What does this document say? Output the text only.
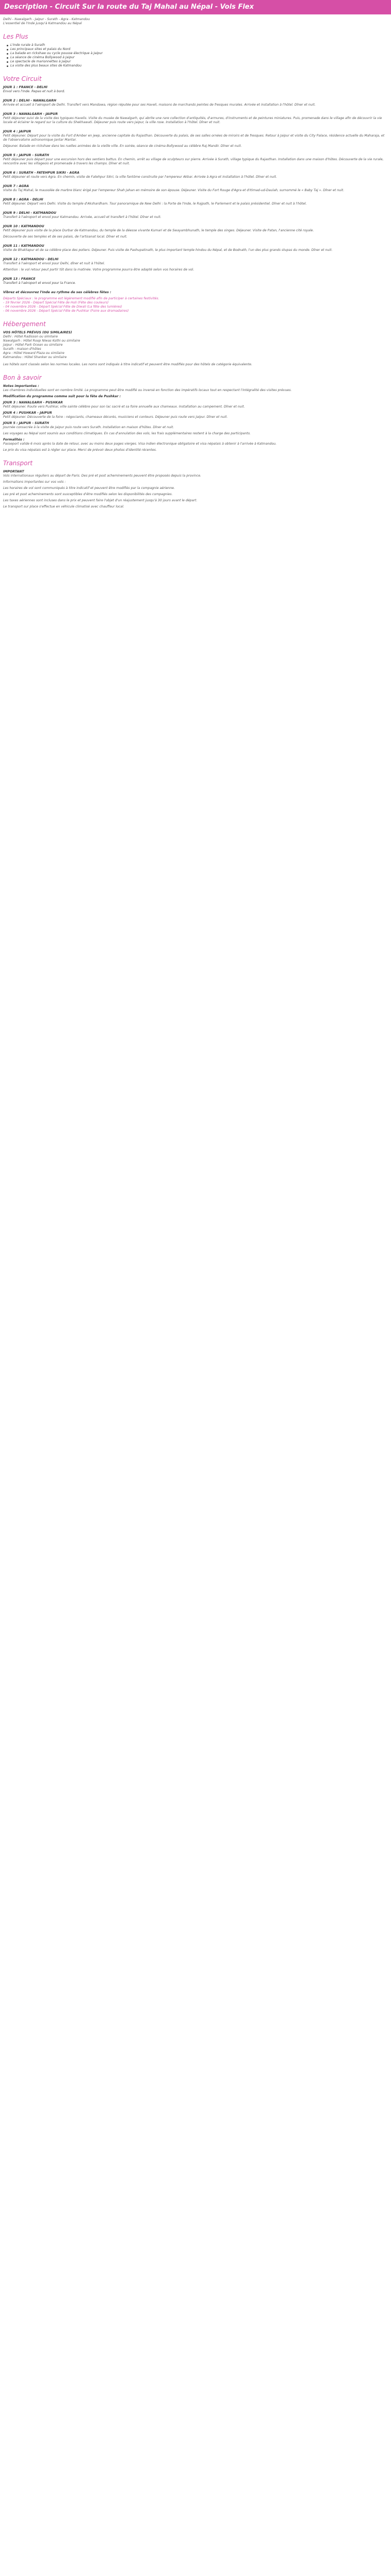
Description - Circuit Sur la route du Taj Mahal au Népal - Vols Flex
Delhi - Nawalgarh - Jaipur - Surath - Agra - Katmandou
L'essentiel de l'Inde jusqu'à Katmandou au Népal
Les Plus
L'Inde rurale à Surath
Les principaux sites et palais du Nord
La balade en rickshaw ou cycle pousse électrique à Jaipur
La séance de cinéma Bollywood à Jaipur
Le spectacle de marionnettes à Jaipur
La visite des plus beaux sites de Katmandou
Votre Circuit
JOUR 1 : FRANCE - DELHI
Envol vers l'Inde. Repas et nuit à bord.
JOUR 2 : DELHI - NAWALGARH

Arrivée et accueil à l'aéroport de Delhi. Transfert vers Mandawa, région réputée pour ses Haveli, maisons de marchands peintes de fresques murales. Arrivée et installation à l'hôtel. Dîner et nuit.

JOUR 3 : NAWALGARH - JAIPUR

Petit déjeuner suivi de la visite des typiques Havelis. Visite du musée de Nawalgarh, qui abrite une rare collection d'antiquités, d'armures, d'instruments et de peintures miniatures. Puis, promenade dans le village afin de découvrir la vie locale et éclairer le regard sur la culture du Shekhawati. Déjeuner puis route vers Jaipur, la ville rose. Installation à l'hôtel. Dîner et nuit.

JOUR 4 : JAIPUR

Petit déjeuner. Départ pour la visite du Fort d'Amber en jeep, ancienne capitale du Rajasthan. Découverte du palais, de ses salles ornées de miroirs et de fresques. Retour à Jaipur et visite du City Palace, résidence actuelle du Maharaja, et de l'observatoire astronomique Jantar Mantar.

Déjeuner. Balade en rickshaw dans les ruelles animées de la vieille ville. En soirée, séance de cinéma Bollywood au célèbre Raj Mandir. Dîner et nuit.

JOUR 5 : JAIPUR - SURATH

Petit déjeuner puis départ pour une excursion hors des sentiers battus. En chemin, arrêt au village de sculpteurs sur pierre. Arrivée à Surath, village typique du Rajasthan. Installation dans une maison d'hôtes. Découverte de la vie rurale, rencontre avec les villageois et promenade à travers les champs. Dîner et nuit.

JOUR 6 : SURATH - FATEHPUR SIKRI - AGRA

Petit déjeuner et route vers Agra. En chemin, visite de Fatehpur Sikri, la ville fantôme construite par l'empereur Akbar. Arrivée à Agra et installation à l'hôtel. Dîner et nuit.

JOUR 7 : AGRA

Visite du Taj Mahal, le mausolée de marbre blanc érigé par l'empereur Shah Jahan en mémoire de son épouse. Déjeuner. Visite du Fort Rouge d'Agra et d'Itimad-ud-Daulah, surnommé le « Baby Taj ». Dîner et nuit.

JOUR 8 : AGRA - DELHI

Petit déjeuner. Départ vers Delhi. Visite du temple d'Akshardham. Tour panoramique de New Delhi : la Porte de l'Inde, le Rajpath, le Parlement et le palais présidentiel. Dîner et nuit à l'hôtel.

JOUR 9 : DELHI - KATMANDOU

Transfert à l'aéroport et envol pour Katmandou. Arrivée, accueil et transfert à l'hôtel. Dîner et nuit.

JOUR 10 : KATMANDOU

Petit déjeuner puis visite de la place Durbar de Katmandou, du temple de la déesse vivante Kumari et de Swayambhunath, le temple des singes. Déjeuner. Visite de Patan, l'ancienne cité royale.

Découverte de ses temples et de ses palais, de l'artisanat local. Dîner et nuit.

JOUR 11 : KATMANDOU

Visite de Bhaktapur et de sa célèbre place des potiers. Déjeuner. Puis visite de Pashupatinath, le plus important temple hindou du Népal, et de Bodnath, l'un des plus grands stupas du monde. Dîner et nuit.

JOUR 12 : KATMANDOU - DELHI

Transfert à l'aéroport et envol pour Delhi, dîner et nuit à l'hôtel.

Attention : le vol retour peut partir tôt dans la matinée. Votre programme pourra être adapté selon vos horaires de vol.

JOUR 13 : FRANCE
Transfert à l'aéroport et envol pour la France.

Vibrez et découvrez l'Inde au rythme de ses célèbres fêtes :

Départs Spéciaux : le programme est légèrement modifié afin de participer à certaines festivités.

- 19 février 2026 - Départ Spécial Fête de Holi (Fête des couleurs)

- 04 novembre 2026 - Départ Spécial Fête de Diwali (La fête des lumières)

- 06 novembre 2026 - Départ Spécial Fête de Pushkar (Foire aux dromadaires)

Hébergement
VOS HÔTELS PRÉVUS (OU SIMILAIRES)
Delhi : Hôtel Radisson ou similaire
Nawalgarh : Hôtel Roop Niwas Kothi ou similaire
Jaipur : Hôtel Park Ocean ou similaire
Surath : maison d'hôtes
Agra : Hôtel Howard Plaza ou similaire
Katmandou : Hôtel Shanker ou similaire

Les hôtels sont classés selon les normes locales. Les noms sont indiqués à titre indicatif et peuvent être modifiés pour des hôtels de catégorie équivalente.

Bon à savoir
Notes importantes :

Les chambres individuelles sont en nombre limité. Le programme peut être modifié ou inversé en fonction des impératifs locaux tout en respectant l'intégralité des visites prévues.

Modification du programme comme suit pour la fête de Pushkar :
JOUR 3 : NAWALGARH - PUSHKAR

Petit déjeuner. Route vers Pushkar, ville sainte célèbre pour son lac sacré et sa foire annuelle aux chameaux. Installation au campement. Dîner et nuit.

JOUR 4 : PUSHKAR - JAIPUR

Petit déjeuner. Découverte de la foire : négociants, chameaux décorés, musiciens et conteurs. Déjeuner puis route vers Jaipur. Dîner et nuit.

JOUR 5 : JAIPUR - SURATH

Journée consacrée à la visite de Jaipur puis route vers Surath. Installation en maison d'hôtes. Dîner et nuit.

Les voyages au Népal sont soumis aux conditions climatiques. En cas d'annulation des vols, les frais supplémentaires restent à la charge des participants.

Formalités :

Passeport valide 6 mois après la date de retour, avec au moins deux pages vierges. Visa indien électronique obligatoire et visa népalais à obtenir à l'arrivée à Katmandou.

Le prix du visa népalais est à régler sur place. Merci de prévoir deux photos d'identité récentes.

Transport
IMPORTANT

Vols internationaux réguliers au départ de Paris. Des pré et post acheminements peuvent être proposés depuis la province.

Informations importantes sur vos vols :

Les horaires de vol sont communiqués à titre indicatif et peuvent être modifiés par la compagnie aérienne.

Les pré et post acheminements sont susceptibles d'être modifiés selon les disponibilités des compagnies.

Les taxes aériennes sont incluses dans le prix et peuvent faire l'objet d'un réajustement jusqu'à 30 jours avant le départ.

Le transport sur place s'effectue en véhicule climatisé avec chauffeur local.
